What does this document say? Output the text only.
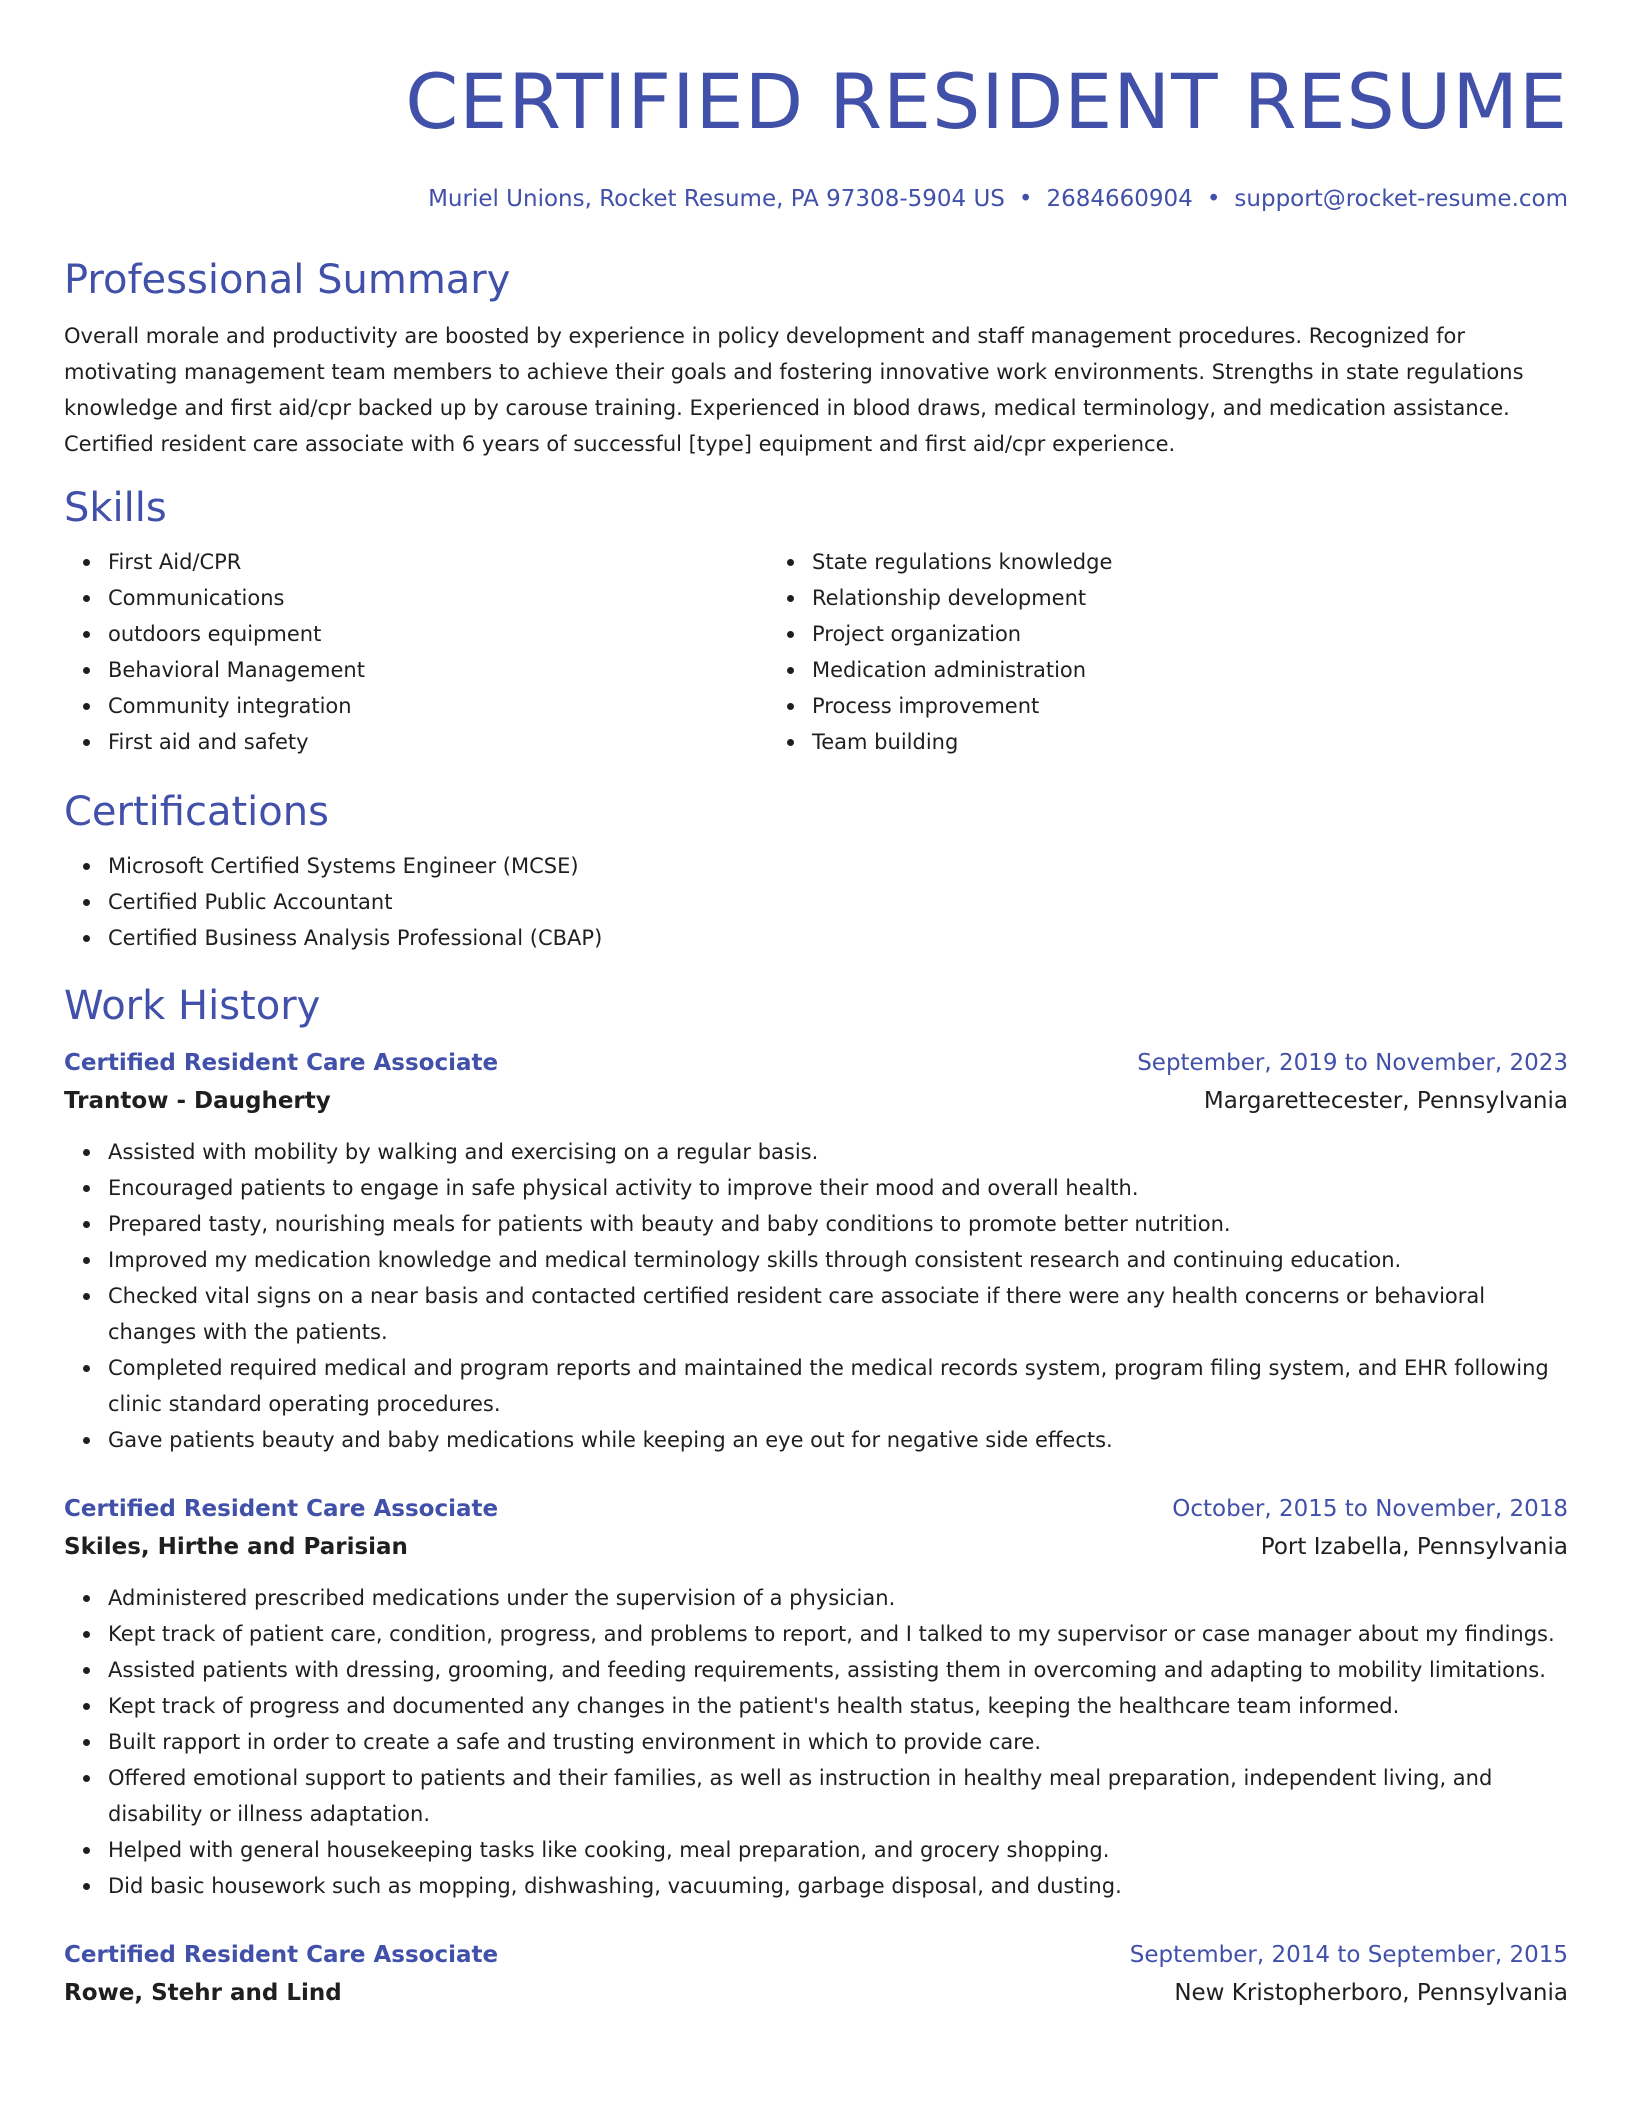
CERTIFIED RESIDENT RESUME
Muriel Unions, Rocket Resume, PA 97308-5904 US • 2684660904 • support@rocket-resume.com
Professional Summary

Overall morale and productivity are boosted by experience in policy development and staff management procedures. Recognized for motivating management team members to achieve their goals and fostering innovative work environments. Strengths in state regulations knowledge and first aid/cpr backed up by carouse training. Experienced in blood draws, medical terminology, and medication assistance. Certified resident care associate with 6 years of successful [type] equipment and first aid/cpr experience.

Skills
First Aid/CPR
Communications
outdoors equipment
Behavioral Management
Community integration
First aid and safety
State regulations knowledge
Relationship development
Project organization
Medication administration
Process improvement
Team building
Certifications
Microsoft Certified Systems Engineer (MCSE)
Certified Public Accountant
Certified Business Analysis Professional (CBAP)
Work History
Certified Resident Care Associate	September, 2019 to November, 2023
Trantow - Daugherty	Margarettecester, Pennsylvania
Assisted with mobility by walking and exercising on a regular basis.
Encouraged patients to engage in safe physical activity to improve their mood and overall health.
Prepared tasty, nourishing meals for patients with beauty and baby conditions to promote better nutrition.
Improved my medication knowledge and medical terminology skills through consistent research and continuing education.
Checked vital signs on a near basis and contacted certified resident care associate if there were any health concerns or behavioral changes with the patients.
Completed required medical and program reports and maintained the medical records system, program filing system, and EHR following clinic standard operating procedures.
Gave patients beauty and baby medications while keeping an eye out for negative side effects.
Certified Resident Care Associate	October, 2015 to November, 2018
Skiles, Hirthe and Parisian	Port Izabella, Pennsylvania
Administered prescribed medications under the supervision of a physician.
Kept track of patient care, condition, progress, and problems to report, and I talked to my supervisor or case manager about my findings.
Assisted patients with dressing, grooming, and feeding requirements, assisting them in overcoming and adapting to mobility limitations.
Kept track of progress and documented any changes in the patient's health status, keeping the healthcare team informed.
Built rapport in order to create a safe and trusting environment in which to provide care.
Offered emotional support to patients and their families, as well as instruction in healthy meal preparation, independent living, and disability or illness adaptation.
Helped with general housekeeping tasks like cooking, meal preparation, and grocery shopping.
Did basic housework such as mopping, dishwashing, vacuuming, garbage disposal, and dusting.
Certified Resident Care Associate	September, 2014 to September, 2015
Rowe, Stehr and Lind	New Kristopherboro, Pennsylvania
